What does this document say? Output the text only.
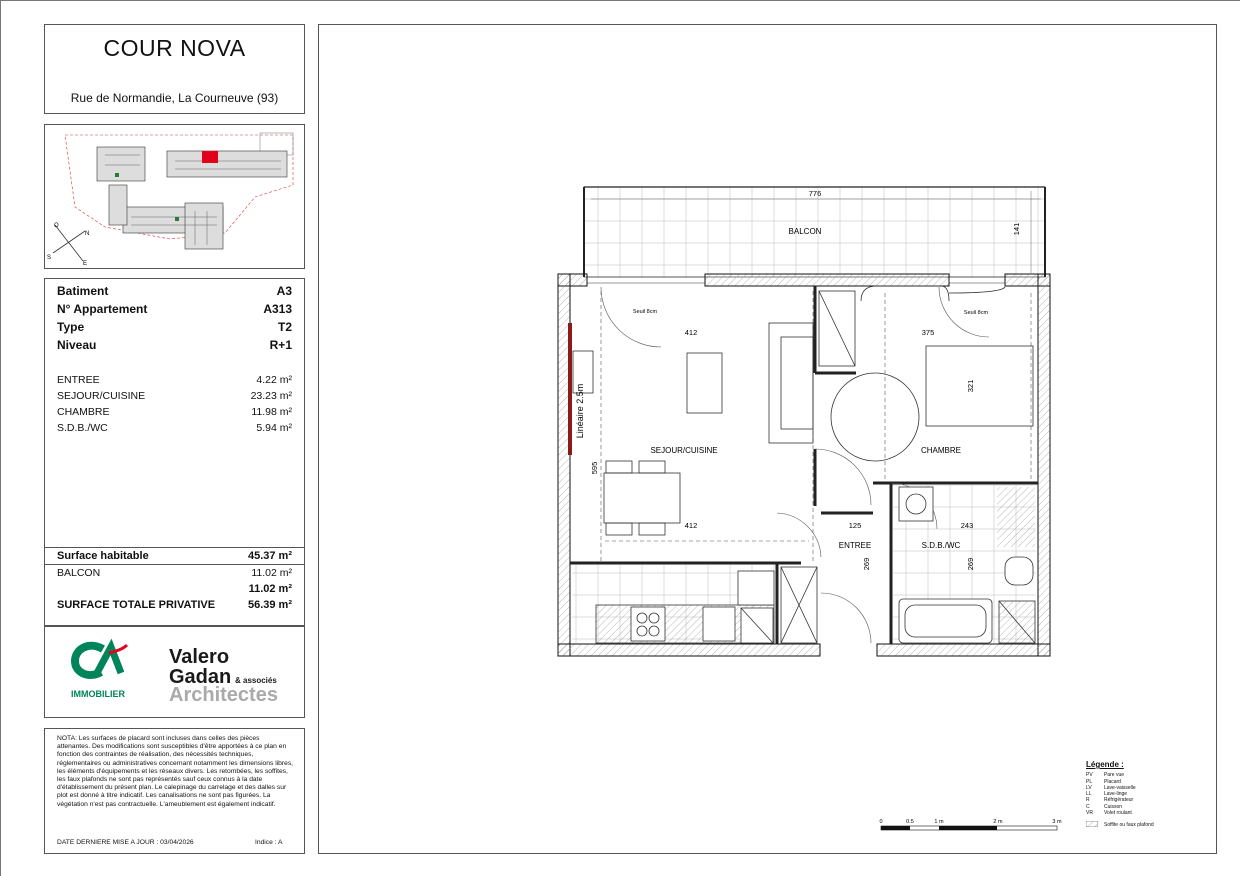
COUR NOVA
Rue de Normandie, La Courneuve (93)
O
N
S
E
Batiment	A3
N° Appartement	A313
Type	T2
Niveau	R+1
ENTREE	4.22 m²
SEJOUR/CUISINE	23.23 m²
CHAMBRE	11.98 m²
S.D.B./WC	5.94 m²
Surface habitable	45.37 m²
BALCON	11.02 m²
11.02 m²
SURFACE TOTALE PRIVATIVE	56.39 m²
IMMOBILIER
Valero
Gadan & associés
Architectes
NOTA: Les surfaces de placard sont incluses dans celles des pièces attenantes. Des modifications sont susceptibles d'être apportées à ce plan en fonction des contraintes de réalisation, des nécessités techniques, réglementaires ou administratives concernant notamment les dimensions libres, les éléments d'équipements et les réseaux divers. Les retombées, les soffites, les faux plafonds ne sont pas représentés sauf ceux connus à la date d'établissement du présent plan. Le calepinage du carrelage et des dalles sur plot est donné à titre indicatif. Les canalisations ne sont pas figurées. La végétation n'est pas contractuelle. L'ameublement est également indicatif.
DATE DERNIERE MISE A JOUR : 03/04/2026	Indice : A
776
BALCON	141
SEJOUR/CUISINE	CHAMBRE
ENTREE	S.D.B./WC
Seuil 8cm	Seuil 8cm
Linéaire 2.5m
412	375
321
595
412	125	243
269	269
0	0.5	1 m	2 m	3 m
Légende :
PV	Pare vue
PL	Placard
LV	Lave-vaisselle
LL	Lave-linge
R	Réfrigérateur
C	Cuisson
VR	Volet roulant
Soffite ou faux plafond
